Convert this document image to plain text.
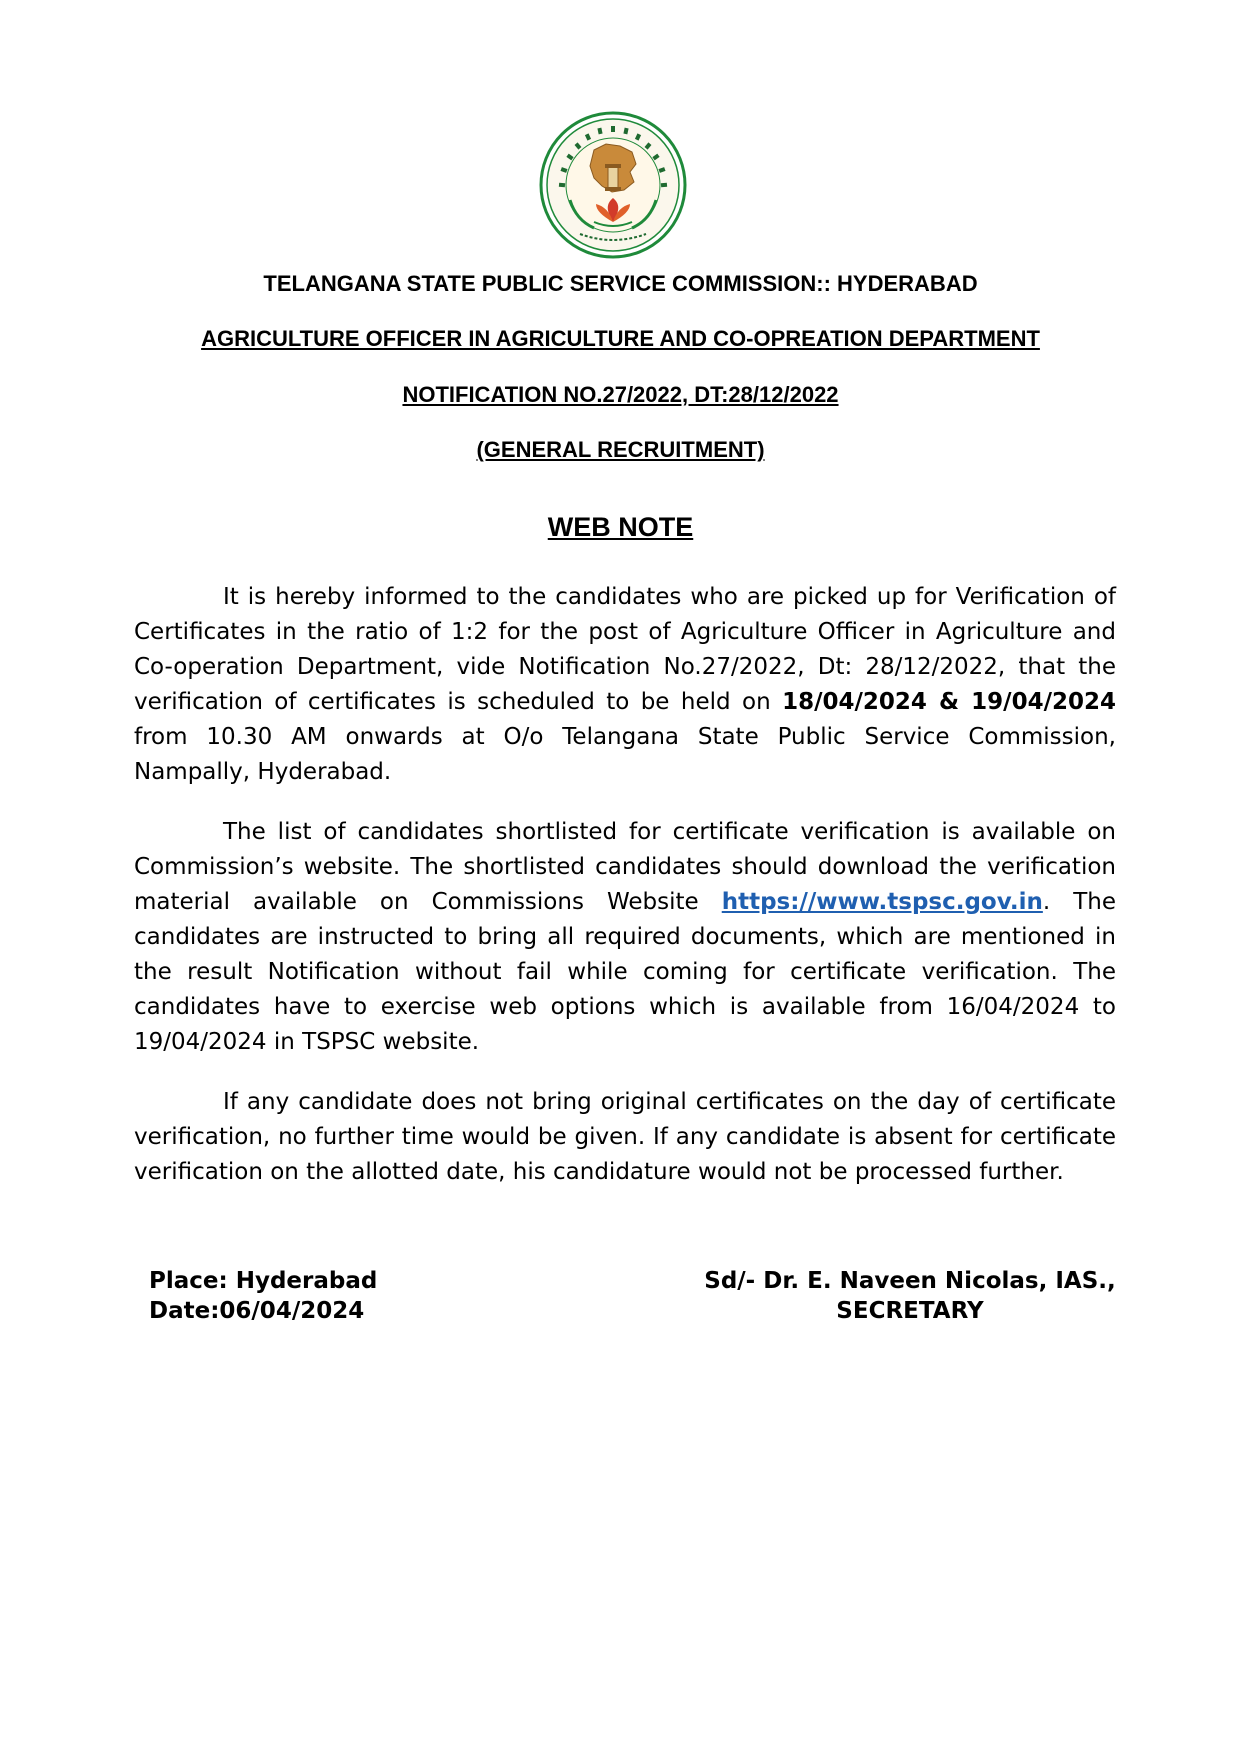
TELANGANA STATE PUBLIC SERVICE COMMISSION:: HYDERABAD
AGRICULTURE OFFICER IN AGRICULTURE AND CO-OPREATION DEPARTMENT
NOTIFICATION NO.27/2022, DT:28/12/2022
(GENERAL RECRUITMENT)
WEB NOTE
It is hereby informed to the candidates who are picked up for Verification of Certificates in the ratio of 1:2 for the post of Agriculture Officer in Agriculture and Co-operation Department, vide Notification No.27/2022, Dt: 28/12/2022, that the verification of certificates is scheduled to be held on 18/04/2024 & 19/04/2024 from 10.30 AM onwards at O/o Telangana State Public Service Commission, Nampally, Hyderabad.
The list of candidates shortlisted for certificate verification is available on Commission’s website. The shortlisted candidates should download the verification material available on Commissions Website https://www.tspsc.gov.in. The candidates are instructed to bring all required documents, which are mentioned in the result Notification without fail while coming for certificate verification. The candidates have to exercise web options which is available from 16/04/2024 to 19/04/2024 in TSPSC website.
If any candidate does not bring original certificates on the day of certificate verification, no further time would be given. If any candidate is absent for certificate verification on the allotted date, his candidature would not be processed further.
Place: Hyderabad
Date:06/04/2024
Sd/- Dr. E. Naveen Nicolas, IAS.,
SECRETARY
